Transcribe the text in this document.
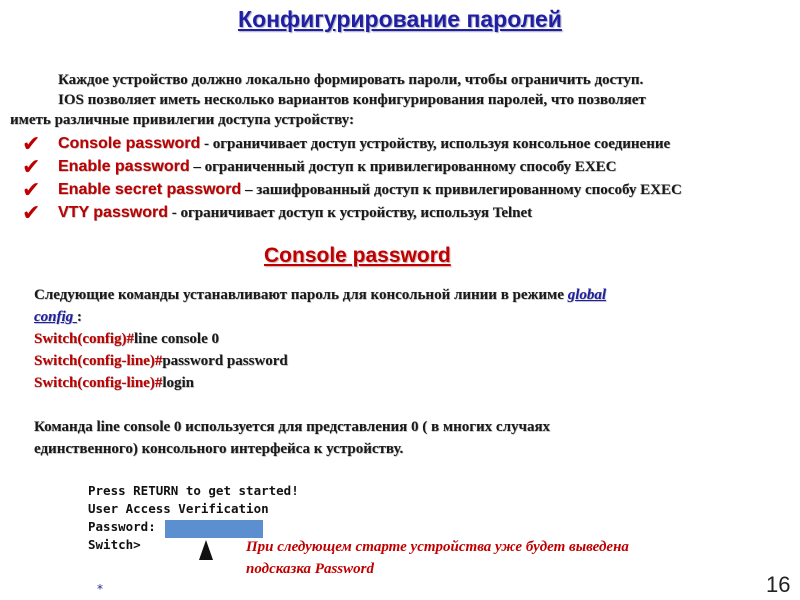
Конфигурирование паролей
Каждое устройство должно локально формировать пароли, чтобы ограничить доступ.
IOS позволяет иметь несколько вариантов конфигурирования паролей, что позволяет
иметь различные привилегии доступа устройству:
✔ Console password - ограничивает доступ устройству, используя консольное соединение
✔ Enable password – ограниченный доступ к привилегированному способу EXEC
✔ Enable secret password – зашифрованный доступ к привилегированному способу EXEC
✔ VTY password - ограничивает доступ к устройству, используя Telnet
Console password
Следующие команды устанавливают пароль для консольной линии в режиме global
config :
Switch(config)#line console 0
Switch(config-line)#password password
Switch(config-line)#login
Команда line console 0 используется для представления 0 ( в многих случаях
единственного) консольного интерфейса к устройству.
Press RETURN to get started!
User Access Verification
Password:
Switch>	При следующем старте устройства уже будет выведена
подсказка Password
*	16
